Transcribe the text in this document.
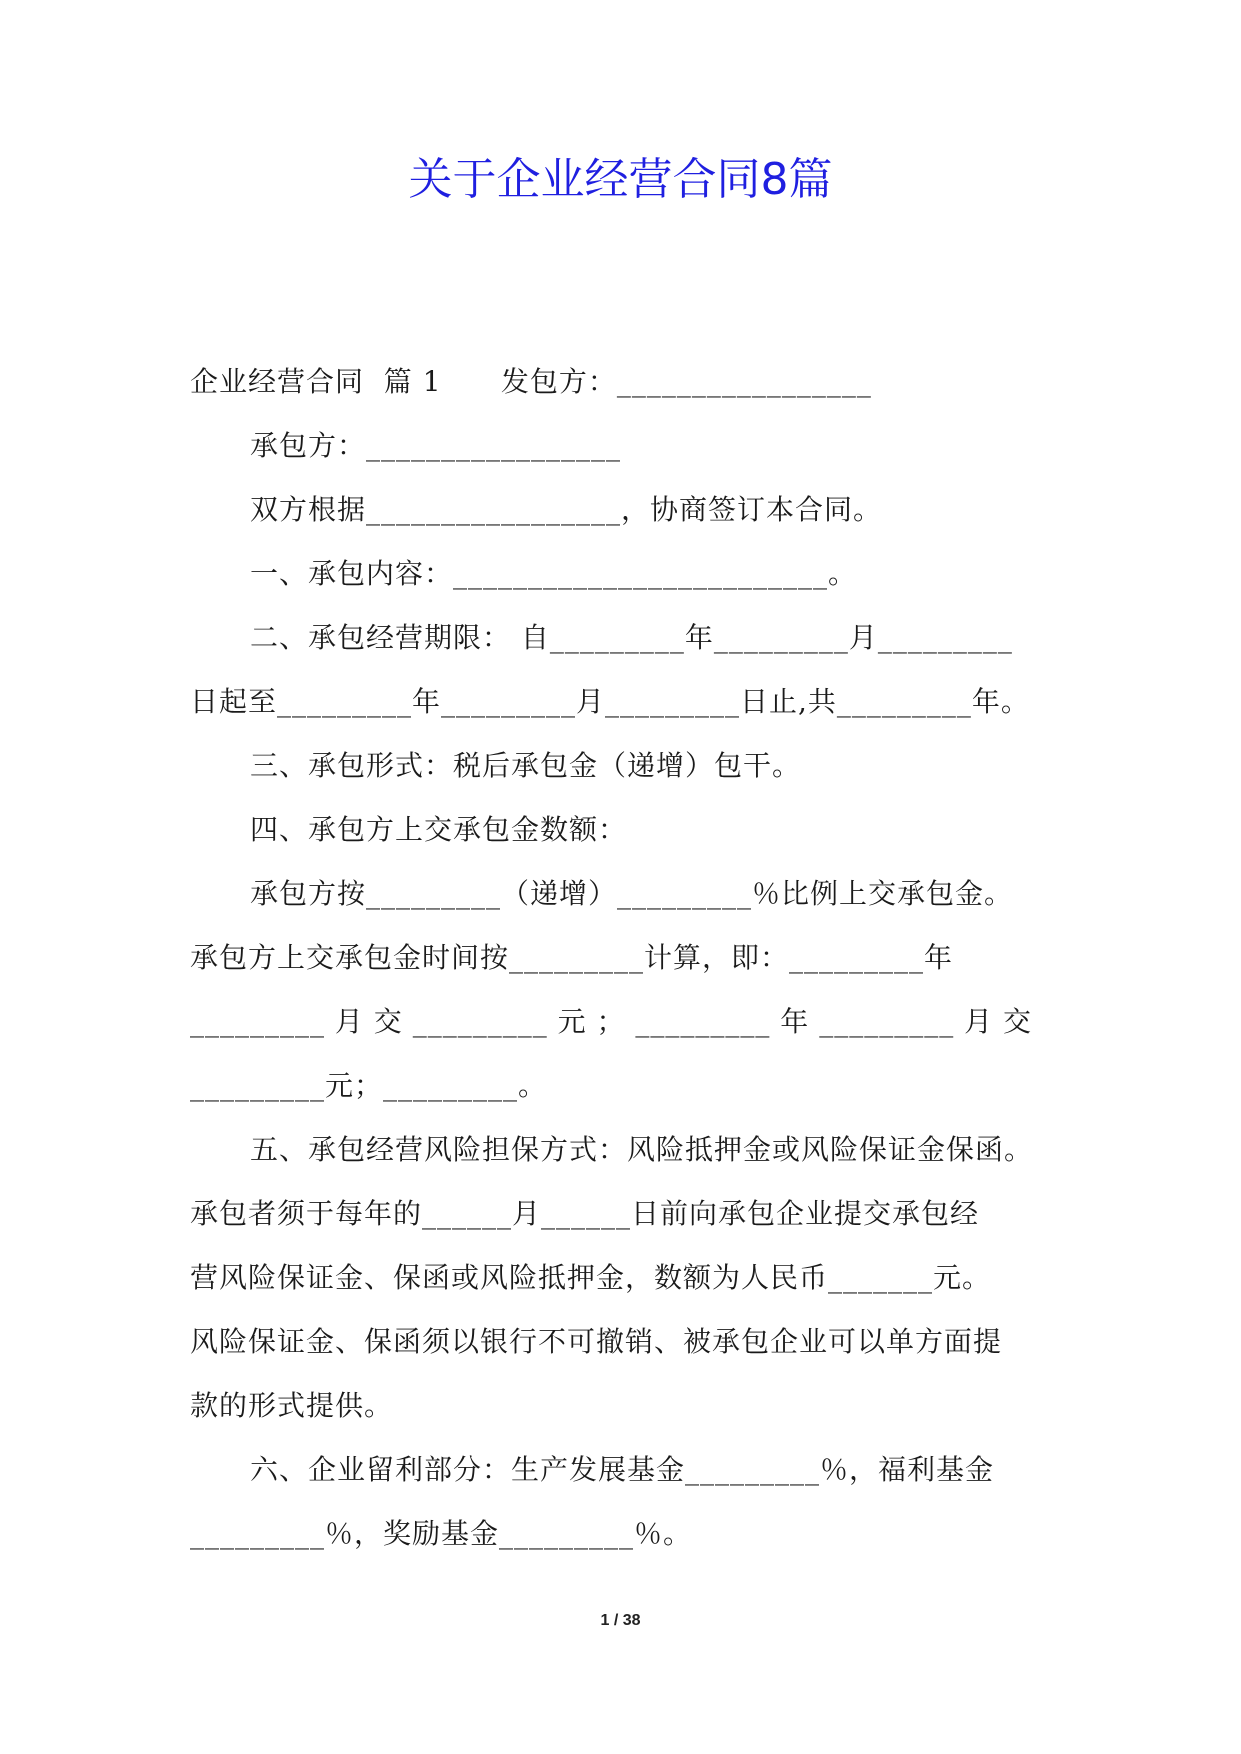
关于企业经营合同8篇

企业经营合同  篇 1      发包方：_________________

承包方：_________________

双方根据_________________，协商签订本合同。

一、承包内容：_________________________。

二、承包经营期限： 自_________年_________月_________

日起至_________年_________月_________日止,共_________年。

三、承包形式：税后承包金（递增）包干。

四、承包方上交承包金数额：

承包方按_________（递增）_________％比例上交承包金。

承包方上交承包金时间按_________计算，即：_________年

_________ 月 交 _________ 元 ； _________ 年 _________ 月 交

_________元；_________。

五、承包经营风险担保方式：风险抵押金或风险保证金保函。

承包者须于每年的______月______日前向承包企业提交承包经

营风险保证金、保函或风险抵押金，数额为人民币_______元。

风险保证金、保函须以银行不可撤销、被承包企业可以单方面提

款的形式提供。

六、企业留利部分：生产发展基金_________％，福利基金

_________％，奖励基金_________％。

1 / 38
